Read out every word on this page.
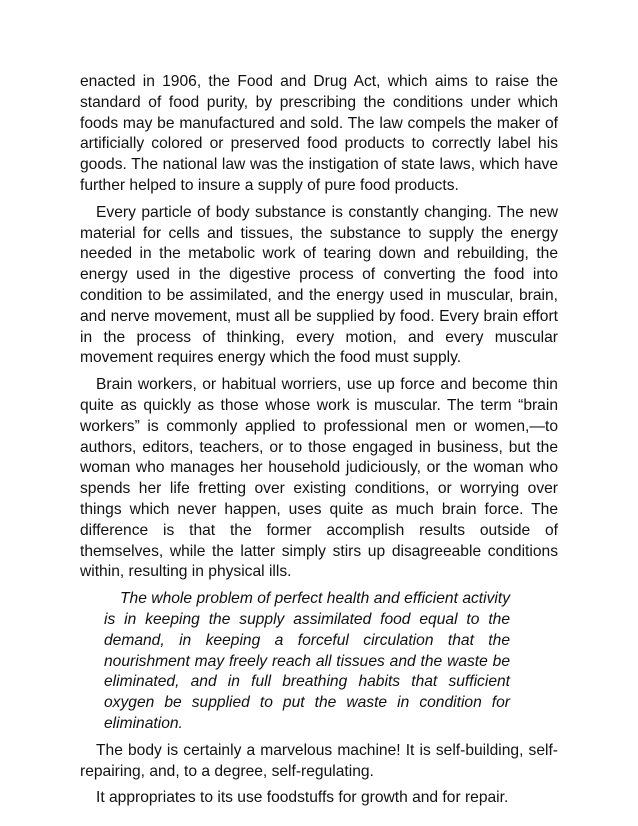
enacted in 1906, the Food and Drug Act, which aims to raise the standard of food purity, by prescribing the conditions under which foods may be manufactured and sold. The law compels the maker of artificially colored or preserved food products to correctly label his goods. The national law was the instigation of state laws, which have further helped to insure a supply of pure food products.

Every particle of body substance is constantly changing. The new material for cells and tissues, the substance to supply the energy needed in the metabolic work of tearing down and rebuilding, the energy used in the digestive process of converting the food into condition to be assimilated, and the energy used in muscular, brain, and nerve movement, must all be supplied by food. Every brain effort in the process of thinking, every motion, and every muscular movement requires energy which the food must supply.

Brain workers, or habitual worriers, use up force and become thin quite as quickly as those whose work is muscular. The term “brain workers” is commonly applied to professional men or women,—to authors, editors, teachers, or to those engaged in business, but the woman who manages her household judiciously, or the woman who spends her life fretting over existing conditions, or worrying over things which never happen, uses quite as much brain force. The difference is that the former accomplish results outside of themselves, while the latter simply stirs up disagreeable conditions within, resulting in physical ills.

The whole problem of perfect health and efficient activity is in keeping the supply assimilated food equal to the demand, in keeping a forceful circulation that the nourishment may freely reach all tissues and the waste be eliminated, and in full breathing habits that sufficient oxygen be supplied to put the waste in condition for elimination.

The body is certainly a marvelous machine! It is self-building, self-repairing, and, to a degree, self-regulating.

It appropriates to its use foodstuffs for growth and for repair.
